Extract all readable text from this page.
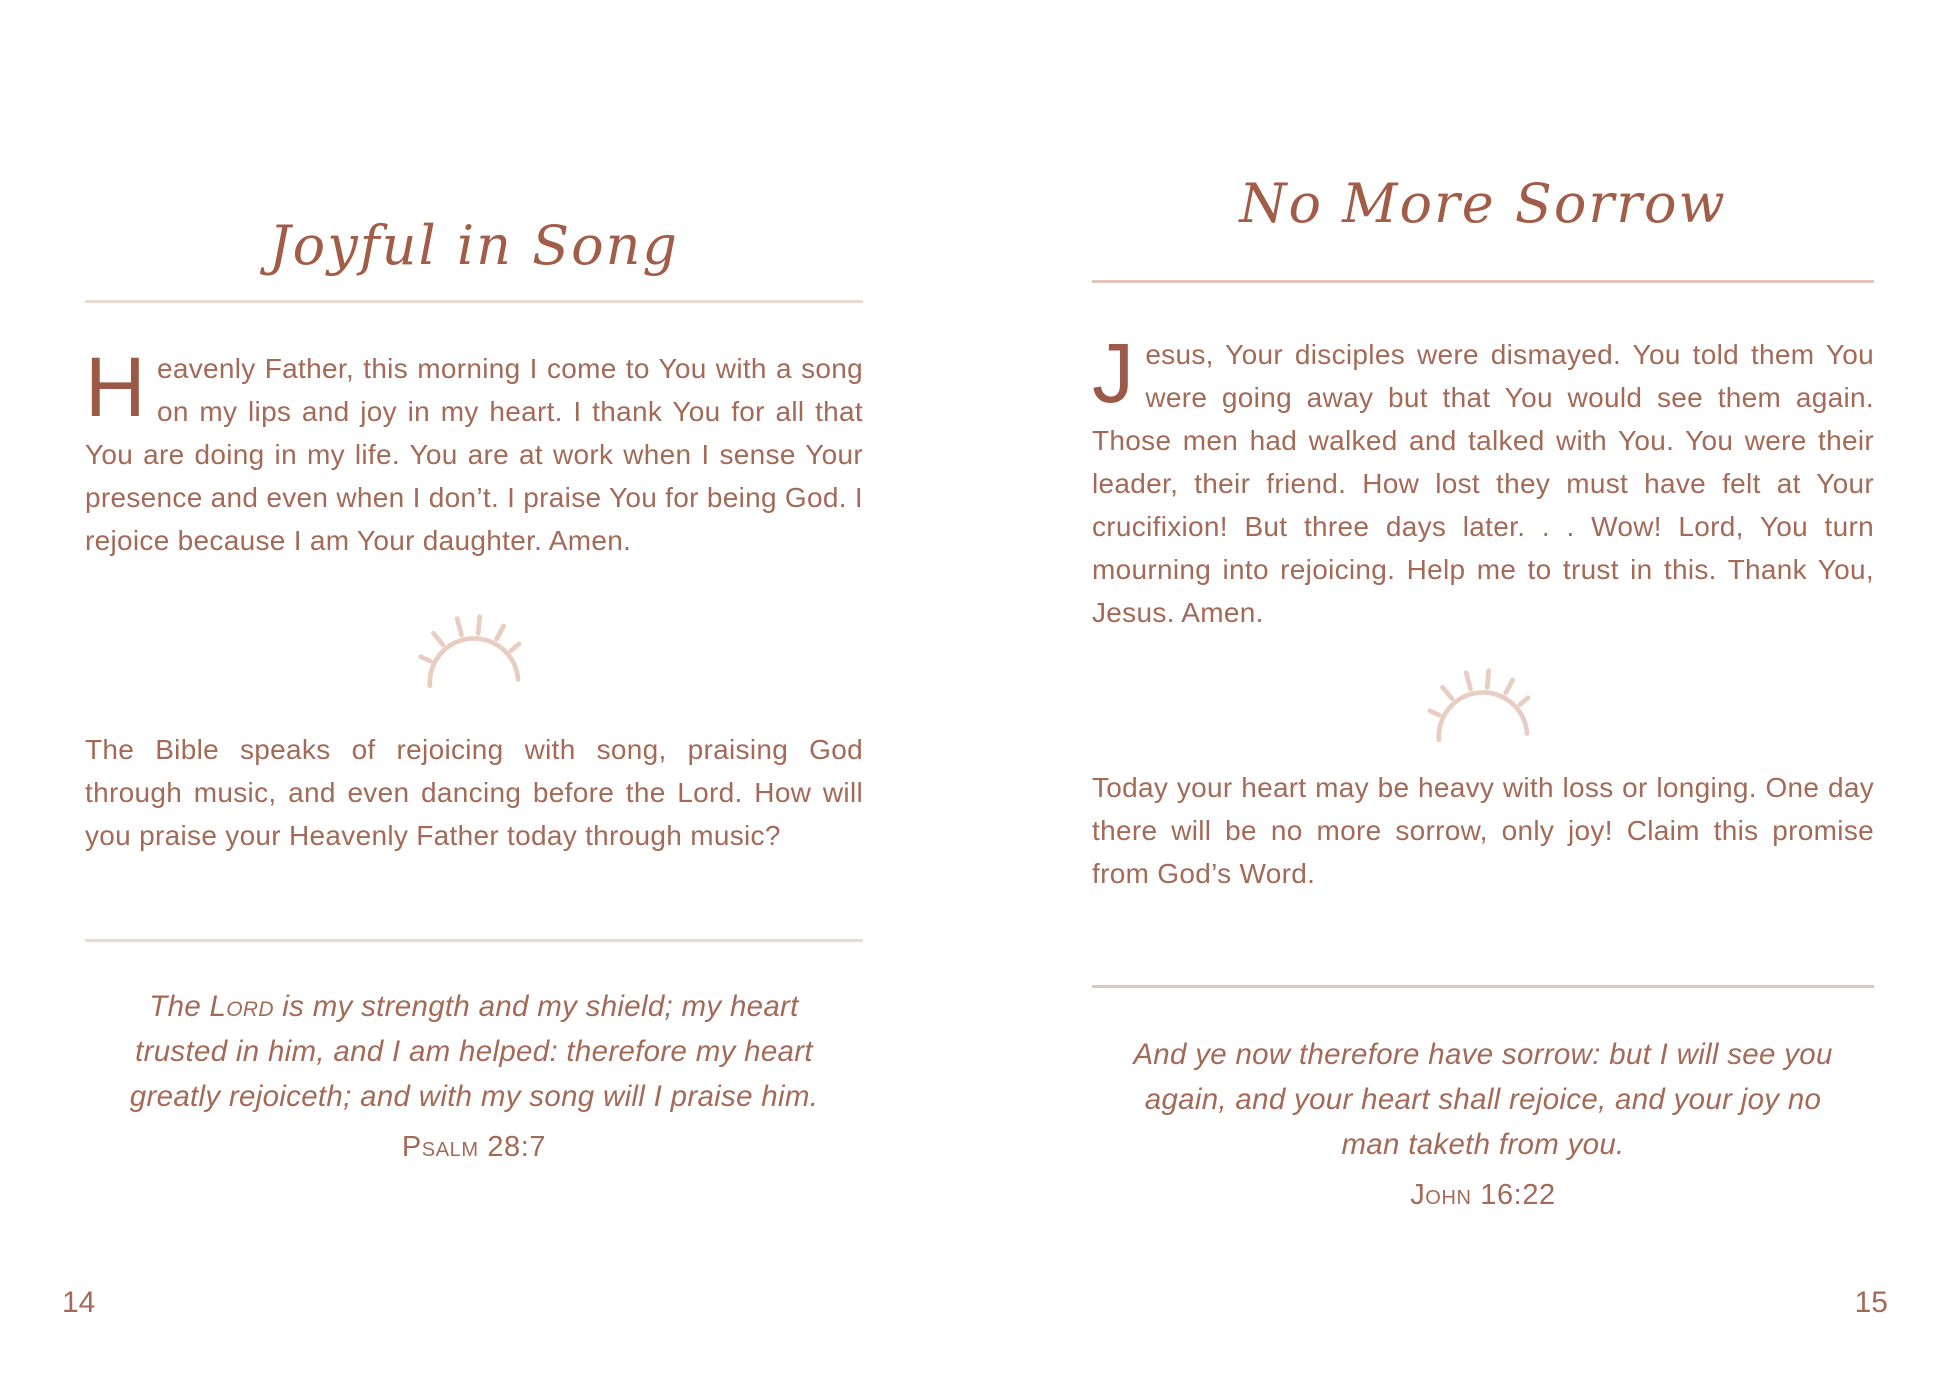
Joyful in Song

Heavenly Father, this morning I come to You with a song on my lips and joy in my heart. I thank You for all that You are doing in my life. You are at work when I sense Your presence and even when I don’t. I praise You for being God. I rejoice because I am Your daughter. Amen.

The Bible speaks of rejoicing with song, praising God through music, and even dancing before the Lord. How will you praise your Heavenly Father today through music?

The Lord is my strength and my shield; my heart trusted in him, and I am helped: therefore my heart greatly rejoiceth; and with my song will I praise him.

Psalm 28:7

No More Sorrow

Jesus, Your disciples were dismayed. You told them You were going away but that You would see them again. Those men had walked and talked with You. You were their leader, their friend. How lost they must have felt at Your crucifixion! But three days later. . . Wow! Lord, You turn mourning into rejoicing. Help me to trust in this. Thank You, Jesus. Amen.

Today your heart may be heavy with loss or longing. One day there will be no more sorrow, only joy! Claim this promise from God’s Word.

And ye now therefore have sorrow: but I will see you again, and your heart shall rejoice, and your joy no man taketh from you.

John 16:22

14	15
